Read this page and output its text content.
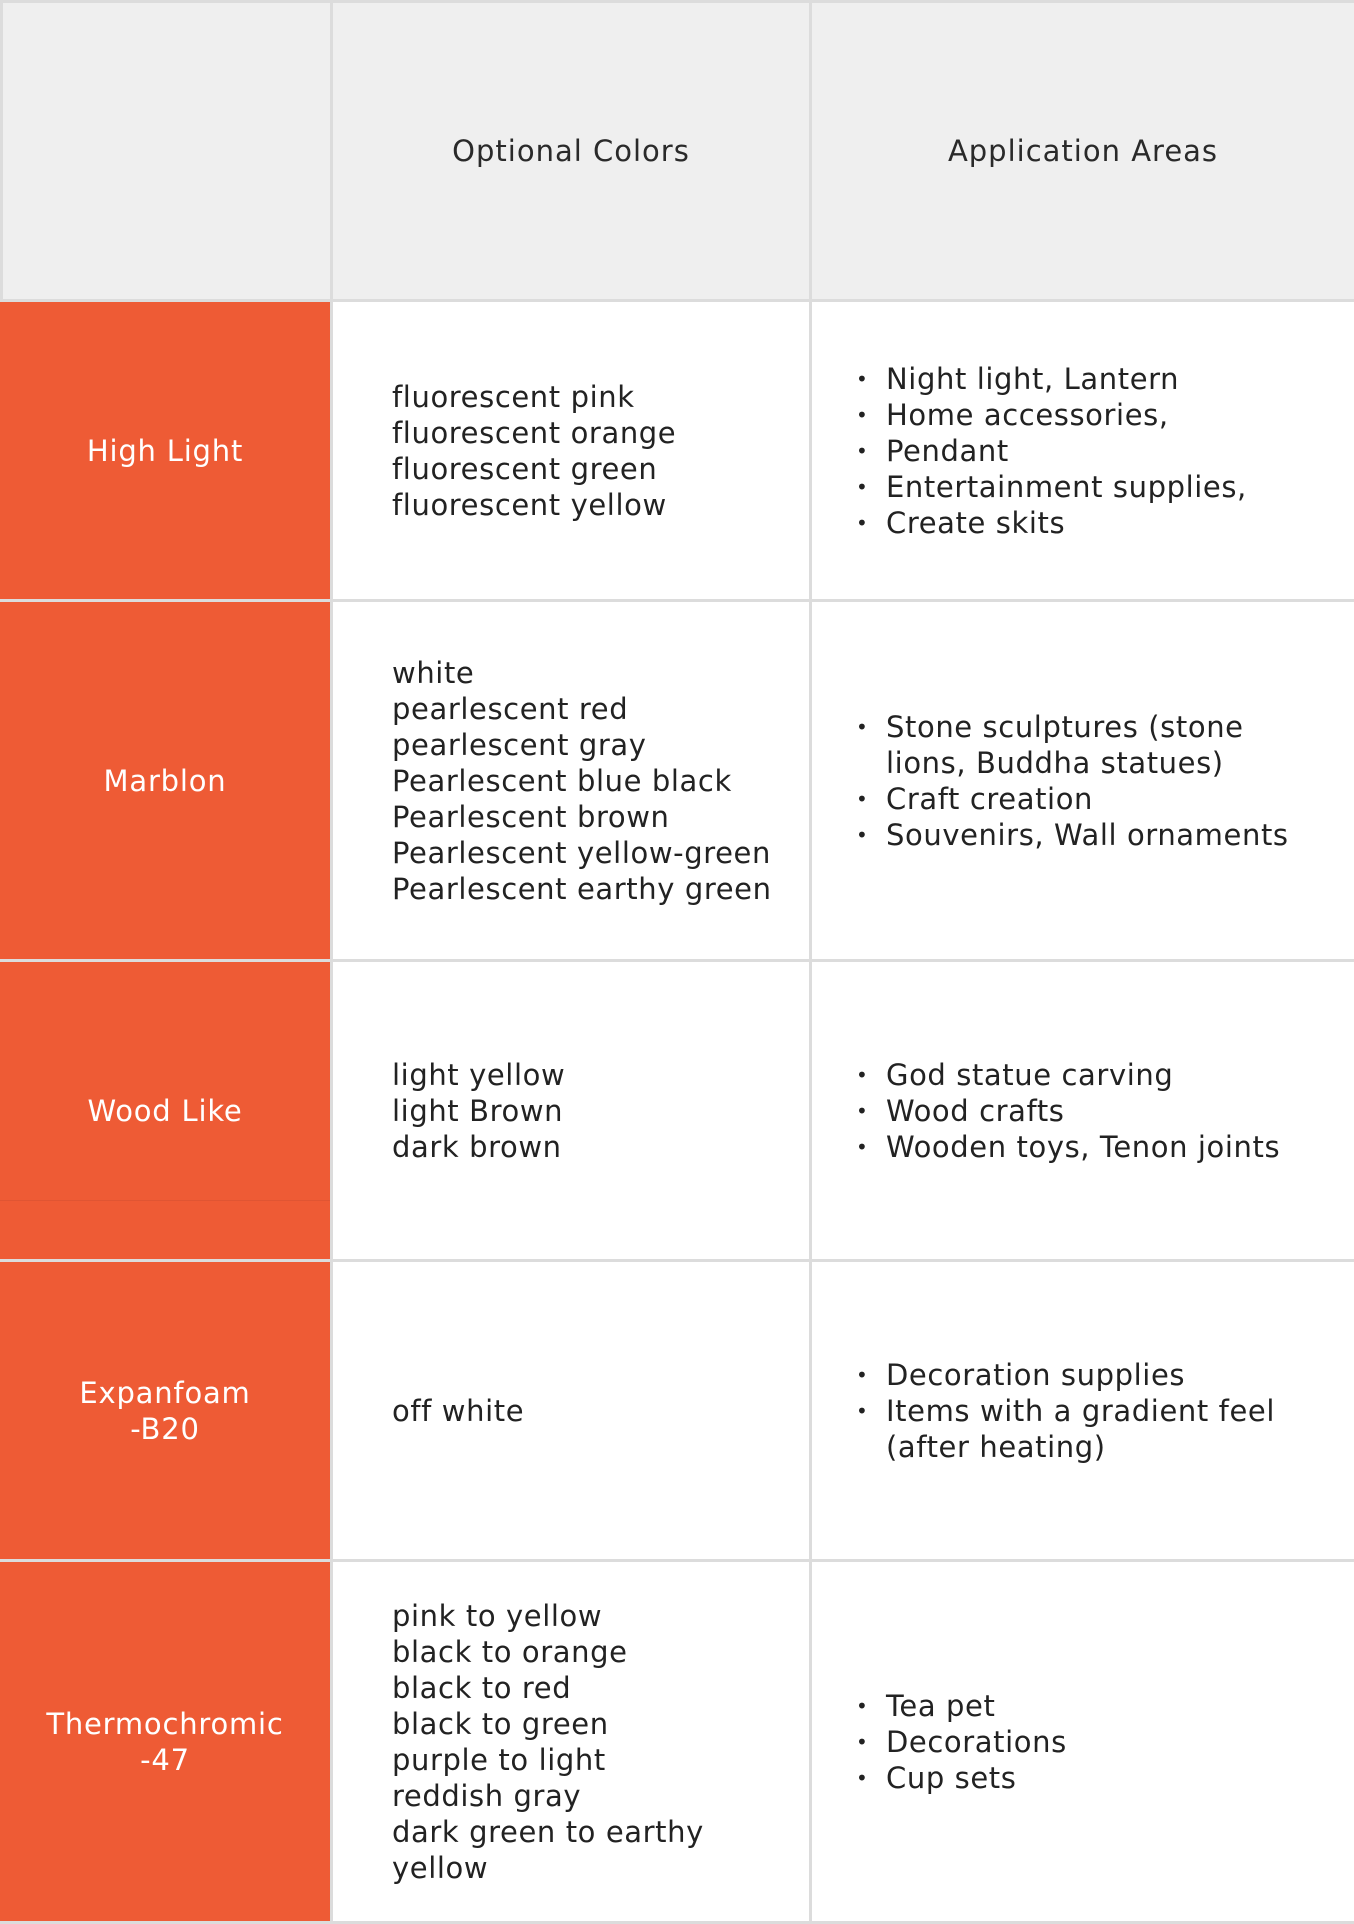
Optional Colors	Application Areas
High Light
fluorescent pink
fluorescent orange
fluorescent green
fluorescent yellow
• Night light, Lantern
• Home accessories,
• Pendant
• Entertainment supplies,
• Create skits
Marblon
white
pearlescent red
pearlescent gray
Pearlescent blue black
Pearlescent brown
Pearlescent yellow-green
Pearlescent earthy green
• Stone sculptures (stone lions, Buddha statues)
• Craft creation
• Souvenirs, Wall ornaments
Wood Like
light yellow
light Brown
dark brown
• God statue carving
• Wood crafts
• Wooden toys, Tenon joints
Expanfoam
-B20
off white
• Decoration supplies
• Items with a gradient feel (after heating)
Thermochromic
-47
pink to yellow
black to orange
black to red
black to green
purple to light
reddish gray
dark green to earthy yellow
• Tea pet
• Decorations
• Cup sets
